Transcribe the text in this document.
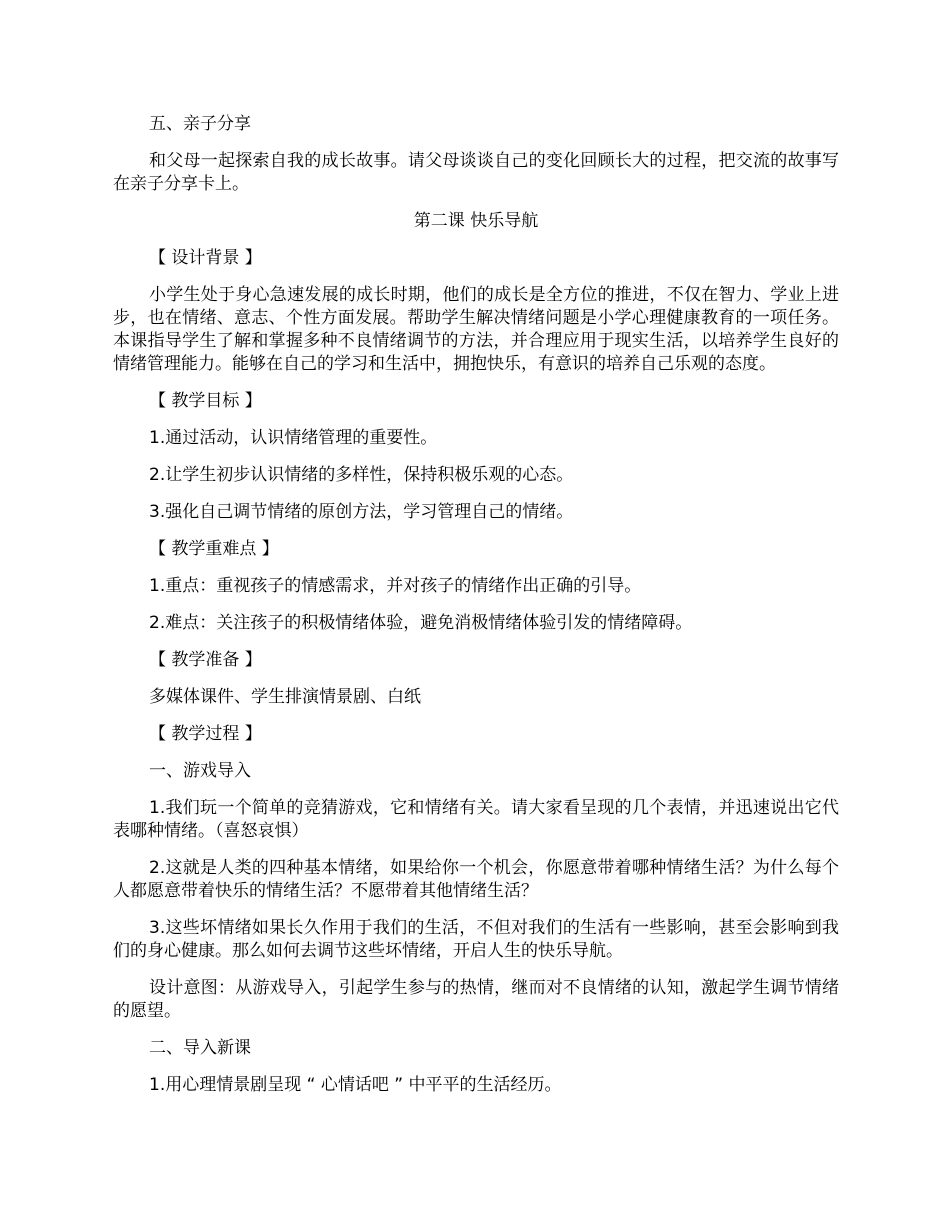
五、亲子分享

和父母一起探索自我的成长故事。请父母谈谈自己的变化回顾长大的过程，把交流的故事写在亲子分享卡上。

第二课 快乐导航

【 设计背景 】

小学生处于身心急速发展的成长时期，他们的成长是全方位的推进，不仅在智力、学业上进步，也在情绪、意志、个性方面发展。帮助学生解决情绪问题是小学心理健康教育的一项任务。本课指导学生了解和掌握多种不良情绪调节的方法，并合理应用于现实生活，以培养学生良好的情绪管理能力。能够在自己的学习和生活中，拥抱快乐，有意识的培养自己乐观的态度。

【 教学目标 】

1.通过活动，认识情绪管理的重要性。

2.让学生初步认识情绪的多样性，保持积极乐观的心态。

3.强化自己调节情绪的原创方法，学习管理自己的情绪。

【 教学重难点 】

1.重点：重视孩子的情感需求，并对孩子的情绪作出正确的引导。

2.难点：关注孩子的积极情绪体验，避免消极情绪体验引发的情绪障碍。

【 教学准备 】

多媒体课件、学生排演情景剧、白纸

【 教学过程 】

一、游戏导入

1.我们玩一个简单的竞猜游戏，它和情绪有关。请大家看呈现的几个表情，并迅速说出它代表哪种情绪。（喜怒哀惧）

2.这就是人类的四种基本情绪，如果给你一个机会，你愿意带着哪种情绪生活？为什么每个人都愿意带着快乐的情绪生活？不愿带着其他情绪生活？

3.这些坏情绪如果长久作用于我们的生活，不但对我们的生活有一些影响，甚至会影响到我们的身心健康。那么如何去调节这些坏情绪，开启人生的快乐导航。

设计意图：从游戏导入，引起学生参与的热情，继而对不良情绪的认知，激起学生调节情绪的愿望。

二、导入新课

1.用心理情景剧呈现 “ 心情话吧 ” 中平平的生活经历。
